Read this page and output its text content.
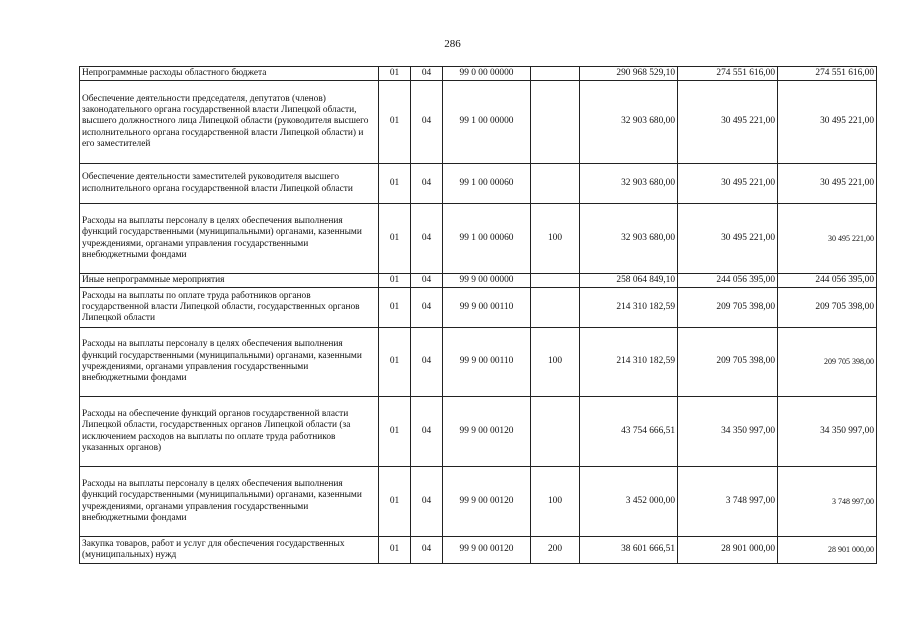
286
Непрограммные расходы областного бюджета	01	04	99 0 00 00000		290 968 529,10	274 551 616,00	274 551 616,00
Обеспечение деятельности председателя, депутатов (членов) законодательного органа государственной власти Липецкой области, высшего должностного лица Липецкой области (руководителя высшего исполнительного органа государственной власти Липецкой области) и его заместителей	01	04	99 1 00 00000		32 903 680,00	30 495 221,00	30 495 221,00
Обеспечение деятельности заместителей руководителя высшего исполнительного органа государственной власти Липецкой области	01	04	99 1 00 00060		32 903 680,00	30 495 221,00	30 495 221,00
Расходы на выплаты персоналу в целях обеспечения выполнения функций государственными (муниципальными) органами, казенными учреждениями, органами управления государственными внебюджетными фондами	01	04	99 1 00 00060	100	32 903 680,00	30 495 221,00	30 495 221,00
Иные непрограммные мероприятия	01	04	99 9 00 00000		258 064 849,10	244 056 395,00	244 056 395,00
Расходы на выплаты по оплате труда работников органов государственной власти Липецкой области, государственных органов Липецкой области	01	04	99 9 00 00110		214 310 182,59	209 705 398,00	209 705 398,00
Расходы на выплаты персоналу в целях обеспечения выполнения функций государственными (муниципальными) органами, казенными учреждениями, органами управления государственными внебюджетными фондами	01	04	99 9 00 00110	100	214 310 182,59	209 705 398,00	209 705 398,00
Расходы на обеспечение функций органов государственной власти Липецкой области, государственных органов Липецкой области (за исключением расходов на выплаты по оплате труда работников указанных органов)	01	04	99 9 00 00120		43 754 666,51	34 350 997,00	34 350 997,00
Расходы на выплаты персоналу в целях обеспечения выполнения функций государственными (муниципальными) органами, казенными учреждениями, органами управления государственными внебюджетными фондами	01	04	99 9 00 00120	100	3 452 000,00	3 748 997,00	3 748 997,00
Закупка товаров, работ и услуг для обеспечения государственных (муниципальных) нужд	01	04	99 9 00 00120	200	38 601 666,51	28 901 000,00	28 901 000,00
